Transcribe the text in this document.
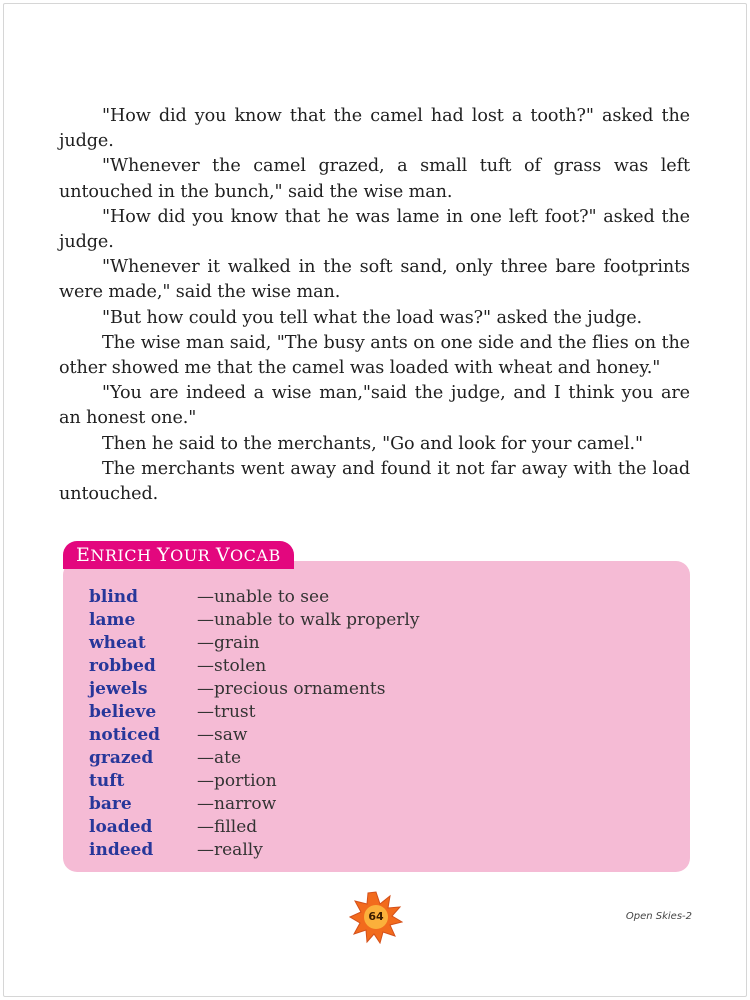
"How did you know that the camel had lost a tooth?" asked the judge.

"Whenever the camel grazed, a small tuft of grass was left untouched in the bunch," said the wise man.

"How did you know that he was lame in one left foot?" asked the judge.

"Whenever it walked in the soft sand, only three bare footprints were made," said the wise man.

"But how could you tell what the load was?" asked the judge.

The wise man said, "The busy ants on one side and the flies on the other showed me that the camel was loaded with wheat and honey."

"You are indeed a wise man,"said the judge, and I think you are an honest one."

Then he said to the merchants, "Go and look for your camel."

The merchants went away and found it not far away with the load untouched.

ENRICH YOUR VOCAB
blind	—unable to see
lame	—unable to walk properly
wheat	—grain
robbed	—stolen
jewels	—precious ornaments
believe	—trust
noticed	—saw
grazed	—ate
tuft	—portion
bare	—narrow
loaded	—filled
indeed	—really
64	Open Skies-2
